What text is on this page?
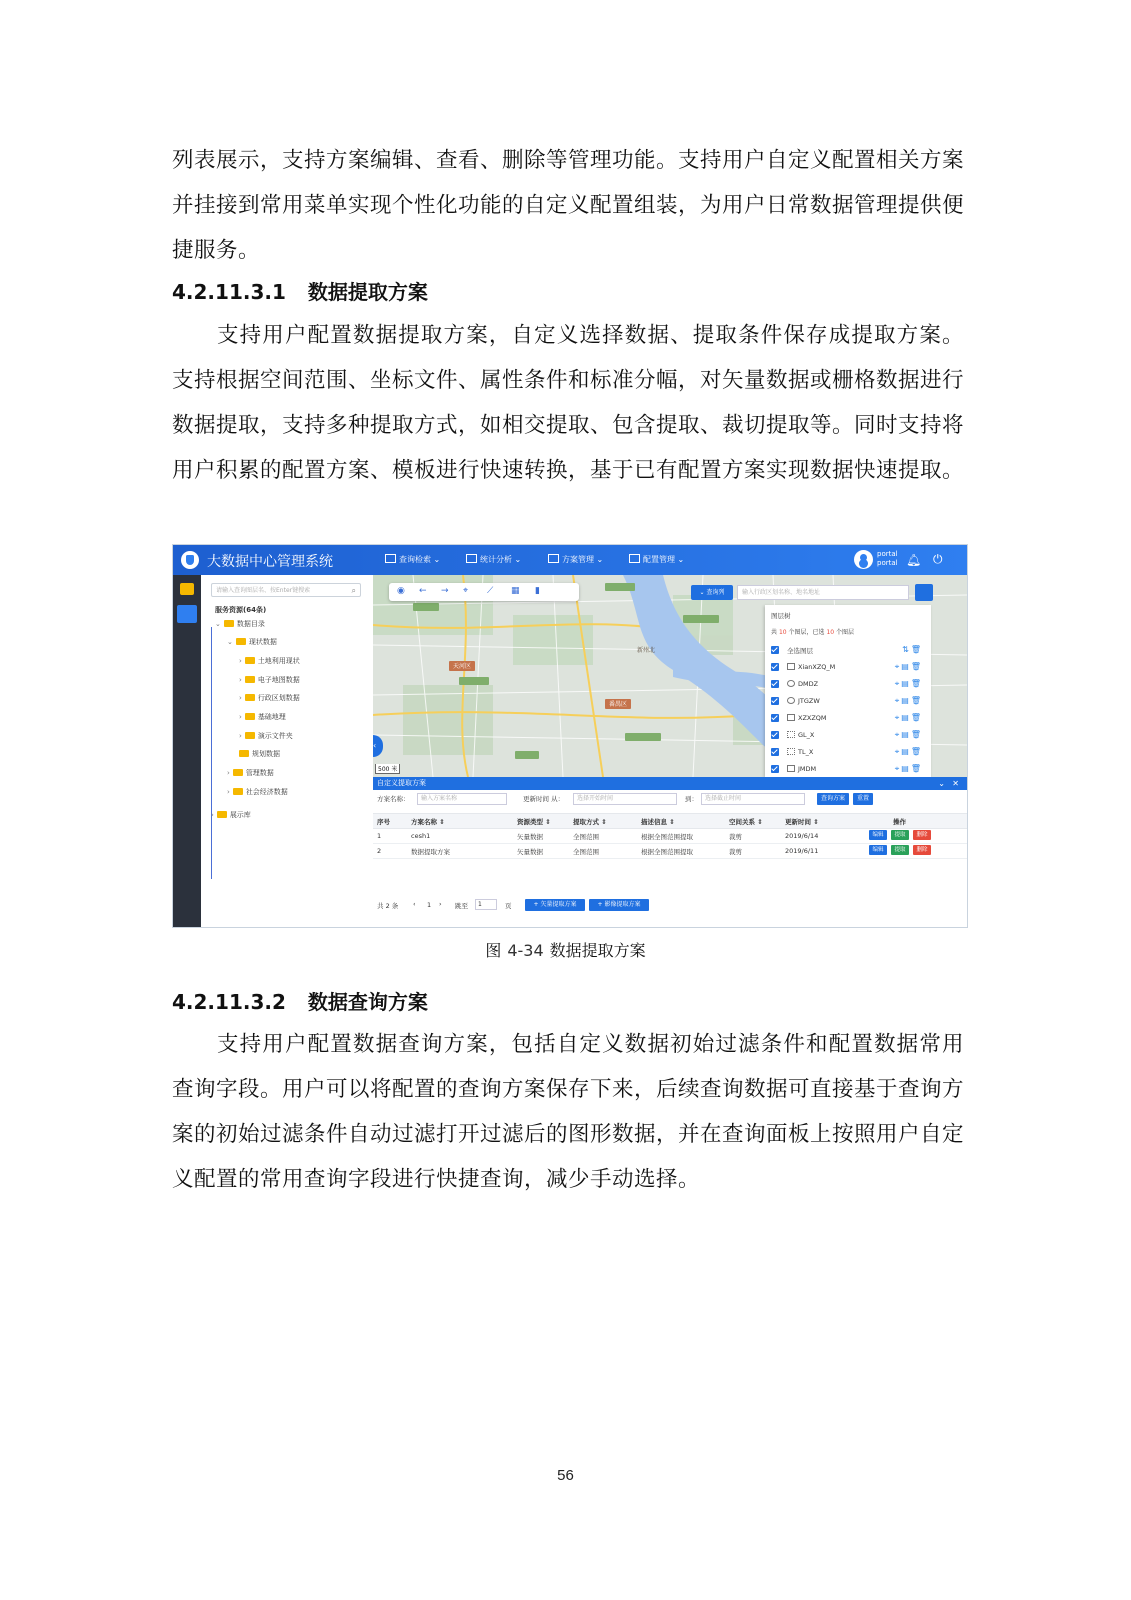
列表展示，支持方案编辑、查看、删除等管理功能。支持用户自定义配置相关方案并挂接到常用菜单实现个性化功能的自定义配置组装，为用户日常数据管理提供便捷服务。

4.2.11.3.1 数据提取方案

支持用户配置数据提取方案，自定义选择数据、提取条件保存成提取方案。支持根据空间范围、坐标文件、属性条件和标准分幅，对矢量数据或栅格数据进行数据提取，支持多种提取方式，如相交提取、包含提取、裁切提取等。同时支持将用户积累的配置方案、模板进行快速转换，基于已有配置方案实现数据快速提取。

大数据中心管理系统	查询检索 ⌄	统计分析 ⌄	方案管理 ⌄	配置管理 ⌄
portal
portal 🔔︎ ⏻
请输入查询图层名、按Enter键搜索	⌕
服务资源(64条)
⌄ 数据目录
⌄ 现状数据
› 土地利用现状
› 电子地图数据
› 行政区划数据
› 基础地理
› 演示文件夹
规划数据
› 管理数据
› 社会经济数据
› 展示库
天河区
番禺区
新州北
◉ ← → ⌖ ⟋ ▦ ▮	⌄ 查询列	输入行政区划名称、地名地址
‹
500 米
图层树
共 10 个图层，已选 10 个图层
全选图层	⇅🗑︎
XianXZQ_M	⌖▤🗑︎
DMDZ	⌖▤🗑︎
JTGZW	⌖▤🗑︎
XZXZQM	⌖▤🗑︎
GL_X	⌖▤🗑︎
TL_X	⌖▤🗑︎
JMDM	⌖▤🗑︎
自定义提取方案	⌄ ✕
方案名称：	输入方案名称	更新时间 从：	选择开始时间	到：	选择截止时间	查询方案	重置
序号	方案名称 ⇕	资源类型 ⇕	提取方式 ⇕	描述信息 ⇕	空间关系 ⇕	更新时间 ⇕	操作
1	cesh1	矢量数据	全图范围	根据全图范围提取	裁剪	2019/6/14	编辑	提取	删除
2	数据提取方案	矢量数据	全图范围	根据全图范围提取	裁剪	2019/6/11	编辑	提取	删除
共 2 条 ‹ 1 › 跳至	1	页	+ 矢量提取方案	+ 影像提取方案
图 4-34 数据提取方案
4.2.11.3.2 数据查询方案

支持用户配置数据查询方案，包括自定义数据初始过滤条件和配置数据常用查询字段。用户可以将配置的查询方案保存下来，后续查询数据可直接基于查询方案的初始过滤条件自动过滤打开过滤后的图形数据，并在查询面板上按照用户自定义配置的常用查询字段进行快捷查询，减少手动选择。

56
